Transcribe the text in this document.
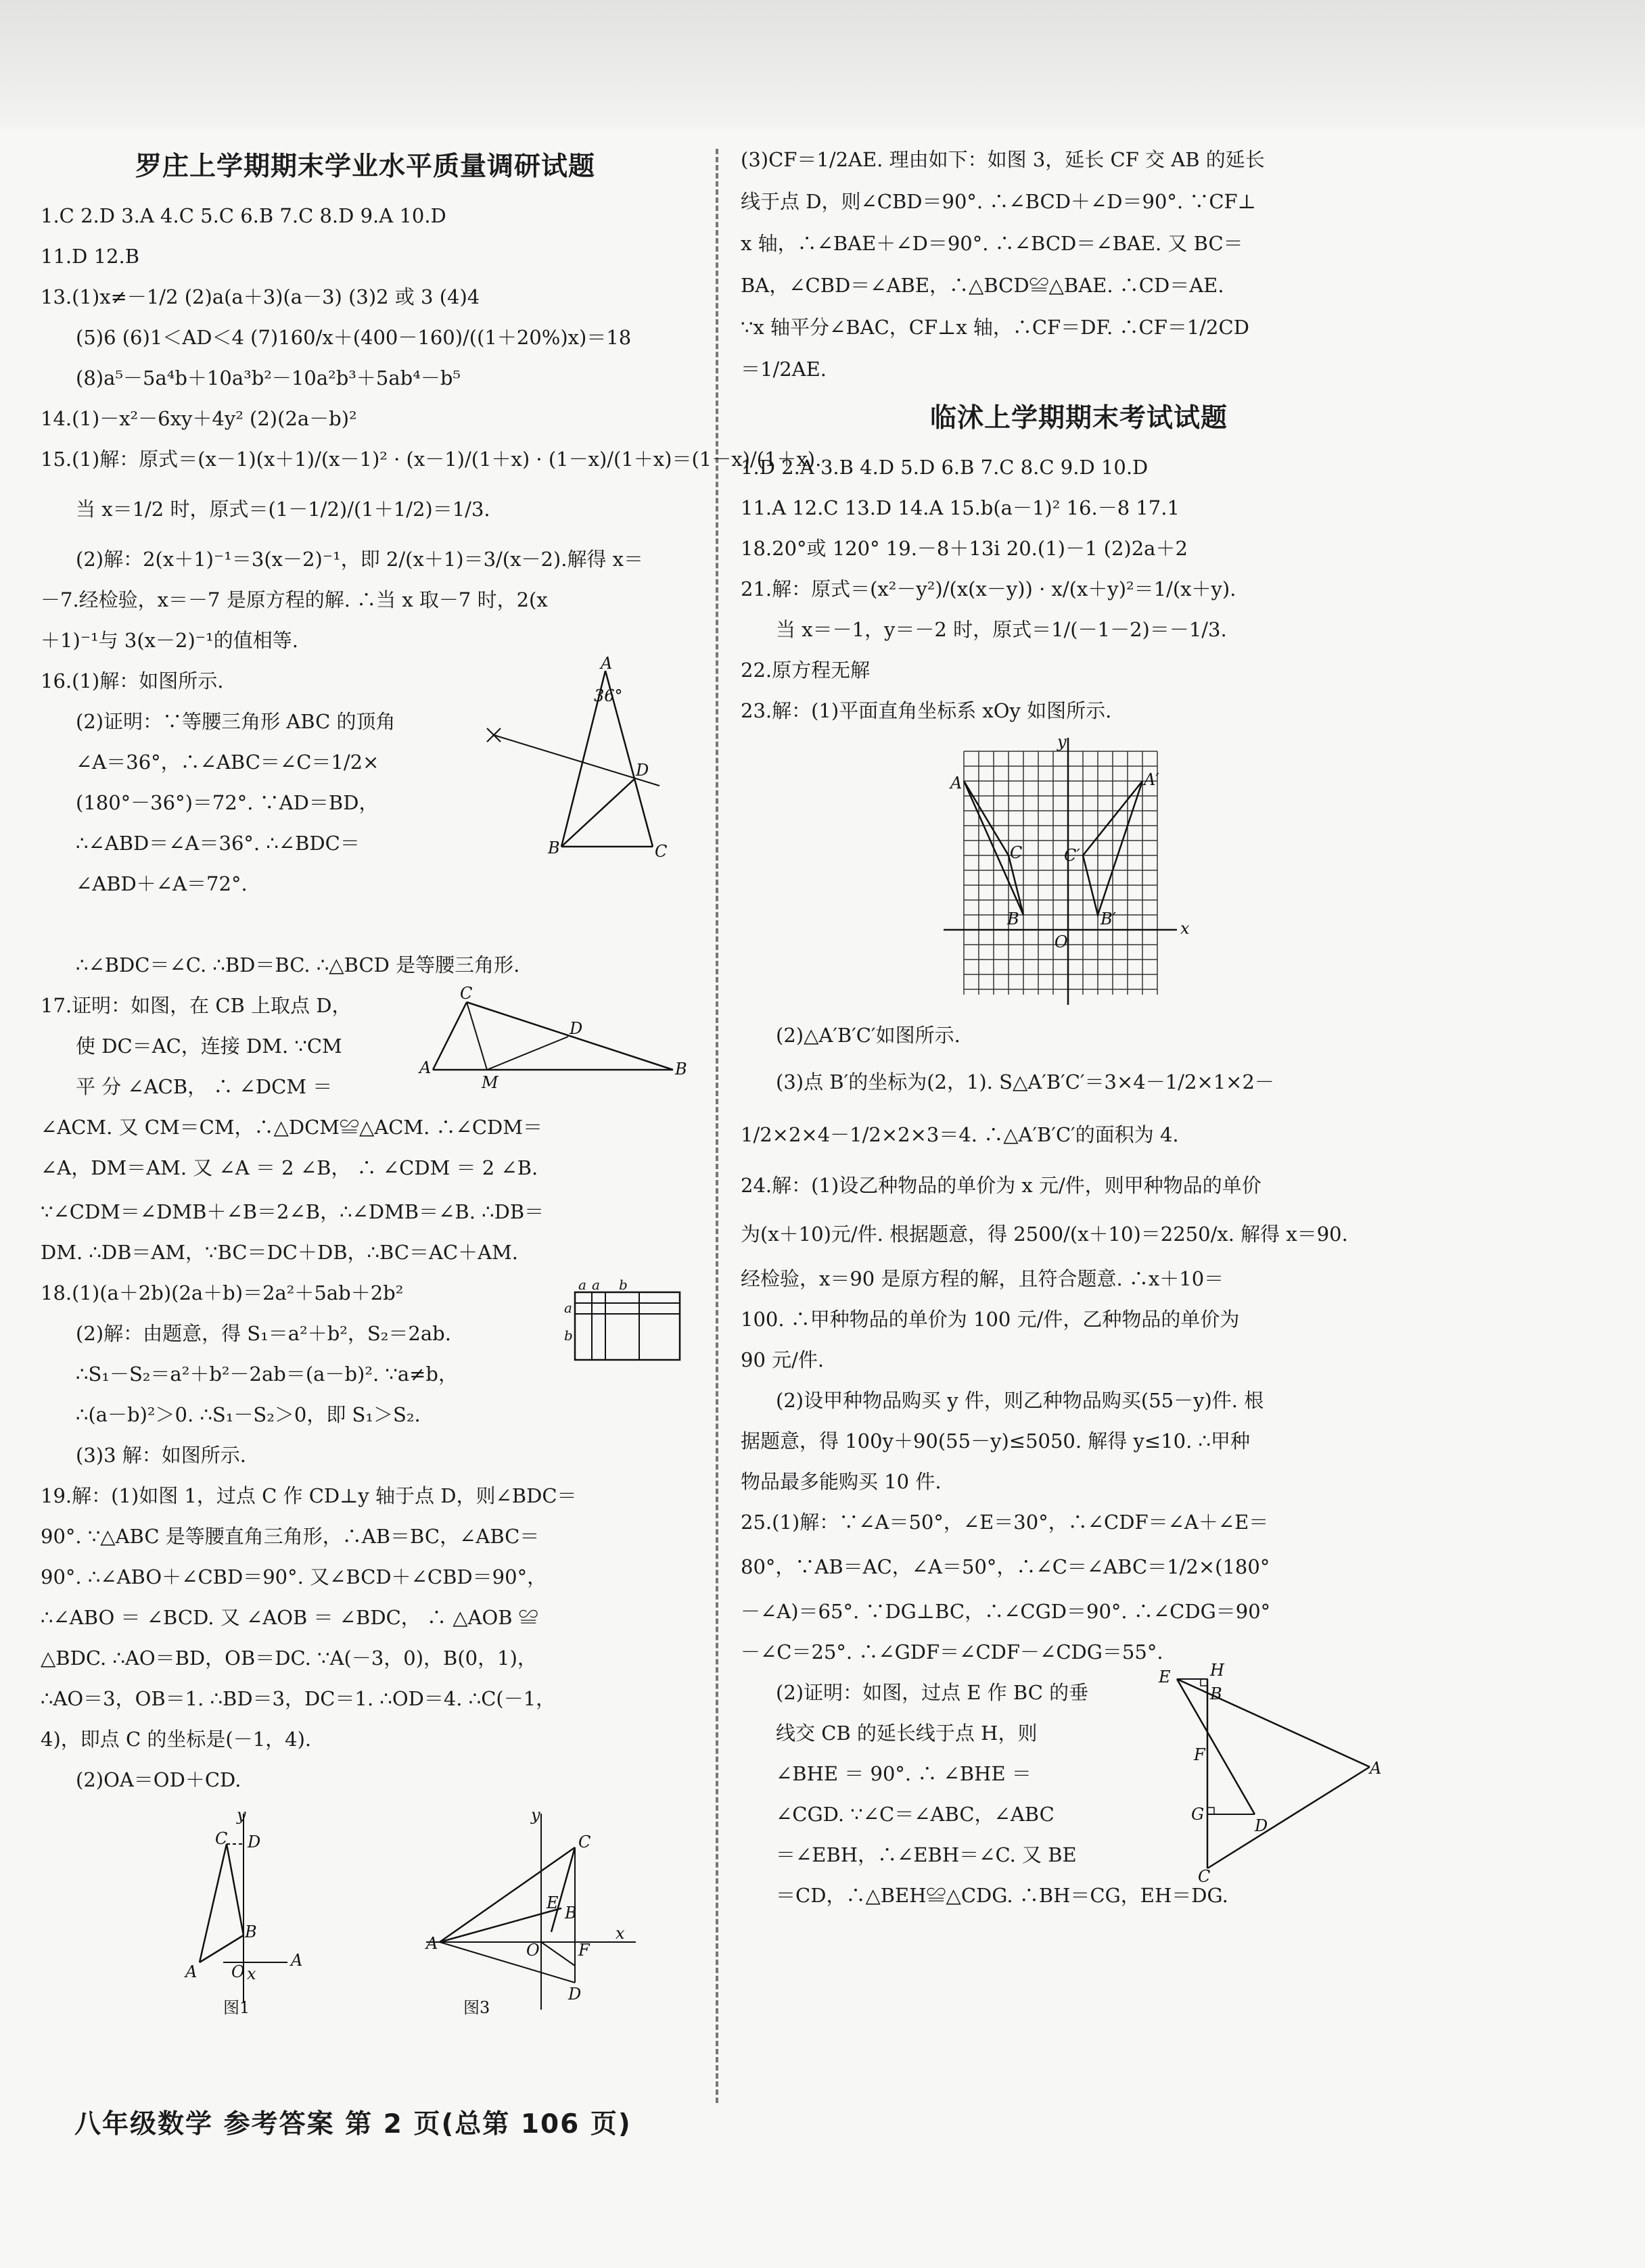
罗庄上学期期末学业水平质量调研试题
1.C 2.D 3.A 4.C 5.C 6.B 7.C 8.D 9.A 10.D
11.D 12.B
13.(1)x≠－1/2 (2)a(a＋3)(a－3) (3)2 或 3 (4)4
(5)6 (6)1＜AD＜4 (7)160/x＋(400－160)/((1＋20%)x)＝18
(8)a⁵－5a⁴b＋10a³b²－10a²b³＋5ab⁴－b⁵
14.(1)－x²－6xy＋4y² (2)(2a－b)²
15.(1)解：原式＝(x－1)(x＋1)/(x－1)² · (x－1)/(1＋x) · (1－x)/(1＋x)＝(1－x)/(1＋x).
当 x＝1/2 时，原式＝(1－1/2)/(1＋1/2)＝1/3.
(2)解：2(x＋1)⁻¹＝3(x－2)⁻¹，即 2/(x＋1)＝3/(x－2).解得 x＝
－7.经检验，x＝－7 是原方程的解. ∴当 x 取－7 时，2(x
＋1)⁻¹与 3(x－2)⁻¹的值相等.
16.(1)解：如图所示.
(2)证明：∵等腰三角形 ABC 的顶角
∠A＝36°，∴∠ABC＝∠C＝1/2×
(180°－36°)＝72°. ∵AD＝BD，
∴∠ABD＝∠A＝36°. ∴∠BDC＝
∠ABD＋∠A＝72°.
A
36°
D
B	C
∴∠BDC＝∠C. ∴BD＝BC. ∴△BCD 是等腰三角形.
17.证明：如图，在 CB 上取点 D，
使 DC＝AC，连接 DM. ∵CM
平 分 ∠ACB， ∴ ∠DCM ＝
C
D
A
M
B
∠ACM. 又 CM＝CM，∴△DCM≌△ACM. ∴∠CDM＝
∠A，DM＝AM. 又 ∠A ＝ 2 ∠B， ∴ ∠CDM ＝ 2 ∠B.
∵∠CDM＝∠DMB＋∠B＝2∠B，∴∠DMB＝∠B. ∴DB＝
DM. ∴DB＝AM，∵BC＝DC＋DB，∴BC＝AC＋AM.
18.(1)(a＋2b)(2a＋b)＝2a²＋5ab＋2b²
(2)解：由题意，得 S₁＝a²＋b²，S₂＝2ab.
∴S₁－S₂＝a²＋b²－2ab＝(a－b)². ∵a≠b，
∴(a－b)²＞0. ∴S₁－S₂＞0，即 S₁＞S₂.
(3)3 解：如图所示.
a a b
a
b
19.解：(1)如图 1，过点 C 作 CD⊥y 轴于点 D，则∠BDC＝
90°. ∵△ABC 是等腰直角三角形，∴AB＝BC，∠ABC＝
90°. ∴∠ABO＋∠CBD＝90°. 又∠BCD＋∠CBD＝90°，
∴∠ABO ＝ ∠BCD. 又 ∠AOB ＝ ∠BDC， ∴ △AOB ≌
△BDC. ∴AO＝BD，OB＝DC. ∵A(－3，0)，B(0，1)，
∴AO＝3，OB＝1. ∴BD＝3，DC＝1. ∴OD＝4. ∴C(－1，
4)，即点 C 的坐标是(－1，4).
(2)OA＝OD＋CD.
D
C
B
A O x
y
A
图1
y
C
E
B
A	O F
x
D
图3
(3)CF＝1/2AE. 理由如下：如图 3，延长 CF 交 AB 的延长
线于点 D，则∠CBD＝90°. ∴∠BCD＋∠D＝90°. ∵CF⊥
x 轴，∴∠BAE＋∠D＝90°. ∴∠BCD＝∠BAE. 又 BC＝
BA，∠CBD＝∠ABE，∴△BCD≌△BAE. ∴CD＝AE.
∵x 轴平分∠BAC，CF⊥x 轴，∴CF＝DF. ∴CF＝1/2CD
＝1/2AE.
临沭上学期期末考试试题
1.D 2.A 3.B 4.D 5.D 6.B 7.C 8.C 9.D 10.D
11.A 12.C 13.D 14.A 15.b(a－1)² 16.－8 17.1
18.20°或 120° 19.－8＋13i 20.(1)－1 (2)2a＋2
21.解：原式＝(x²－y²)/(x(x－y)) · x/(x＋y)²＝1/(x＋y).
当 x＝－1，y＝－2 时，原式＝1/(－1－2)＝－1/3.
22.原方程无解
23.解：(1)平面直角坐标系 xOy 如图所示.
A	A′
C	C′
B	B′
O
x
y
(2)△A′B′C′如图所示.
(3)点 B′的坐标为(2，1). S△A′B′C′＝3×4－1/2×1×2－
1/2×2×4－1/2×2×3＝4. ∴△A′B′C′的面积为 4.
24.解：(1)设乙种物品的单价为 x 元/件，则甲种物品的单价
为(x＋10)元/件. 根据题意，得 2500/(x＋10)＝2250/x. 解得 x＝90.
经检验，x＝90 是原方程的解，且符合题意. ∴x＋10＝
100. ∴甲种物品的单价为 100 元/件，乙种物品的单价为
90 元/件.
(2)设甲种物品购买 y 件，则乙种物品购买(55－y)件. 根
据题意，得 100y＋90(55－y)≤5050. 解得 y≤10. ∴甲种
物品最多能购买 10 件.
25.(1)解：∵∠A＝50°，∠E＝30°，∴∠CDF＝∠A＋∠E＝
80°，∵AB＝AC，∠A＝50°，∴∠C＝∠ABC＝1/2×(180°
－∠A)＝65°. ∵DG⊥BC，∴∠CGD＝90°. ∴∠CDG＝90°
－∠C＝25°. ∴∠GDF＝∠CDF－∠CDG＝55°.
(2)证明：如图，过点 E 作 BC 的垂
线交 CB 的延长线于点 H，则
∠BHE ＝ 90°. ∴ ∠BHE ＝
∠CGD. ∵∠C＝∠ABC，∠ABC
＝∠EBH，∴∠EBH＝∠C. 又 BE
＝CD，∴△BEH≌△CDG. ∴BH＝CG，EH＝DG.
E H
B
F
A
G
D
C
八年级数学 参考答案 第 2 页(总第 106 页)
